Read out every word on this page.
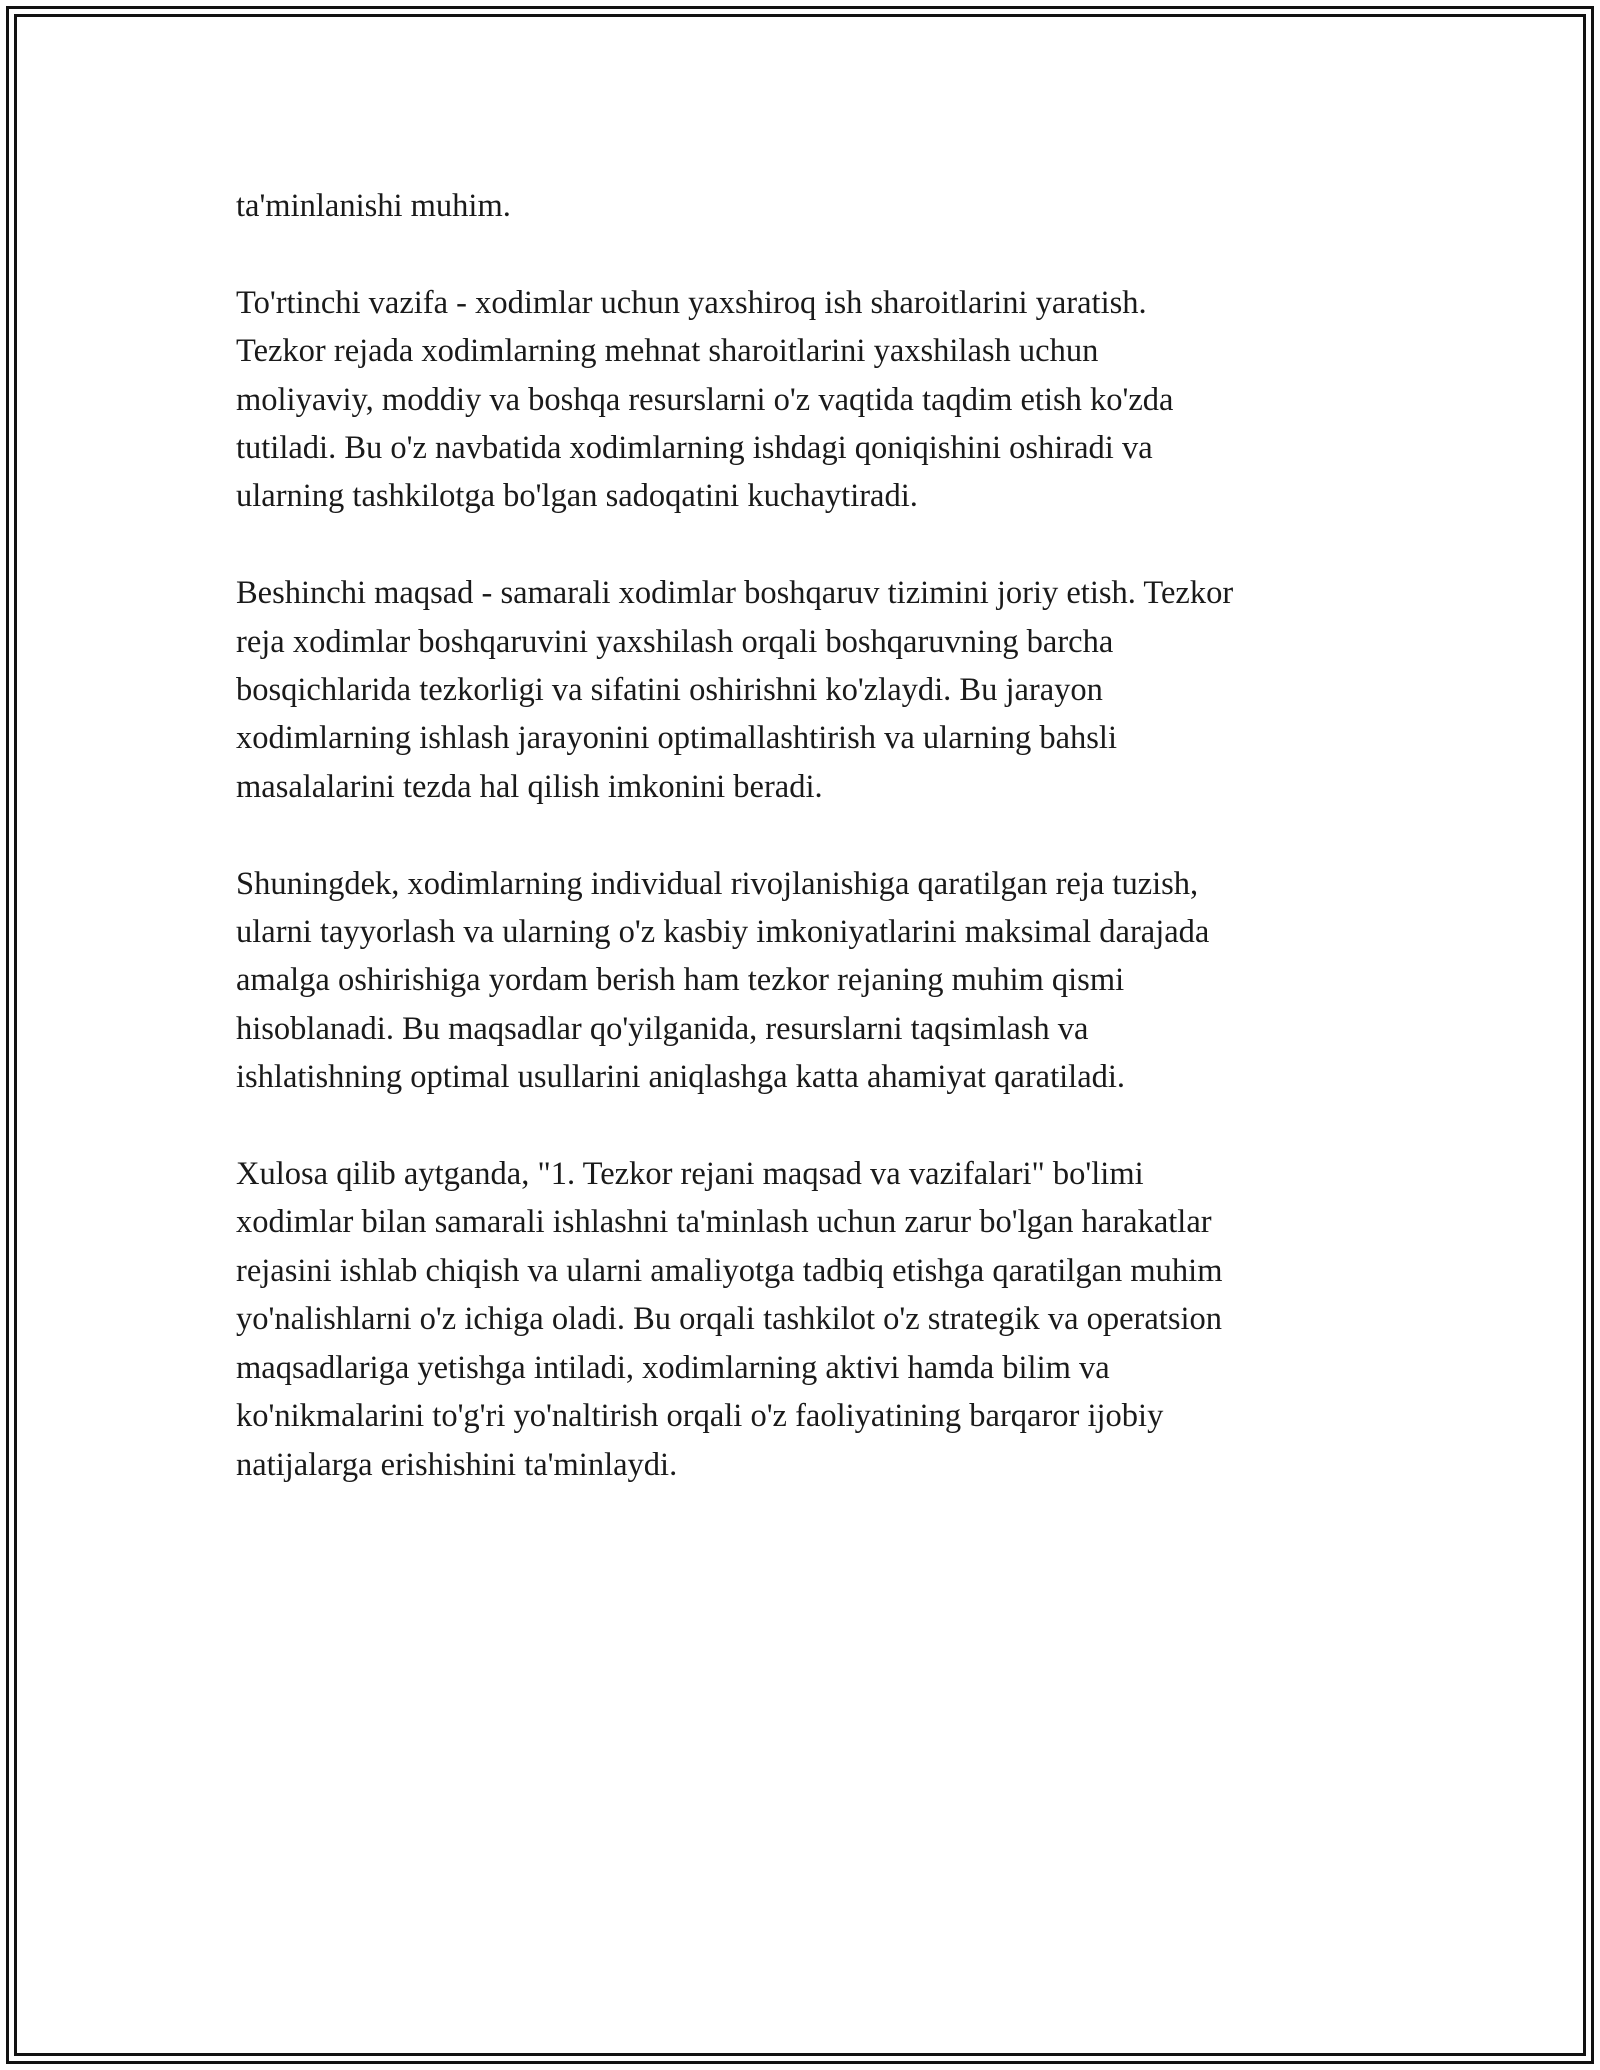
ta'minlanishi muhim.

To'rtinchi vazifa - xodimlar uchun yaxshiroq ish sharoitlarini yaratish.
Tezkor rejada xodimlarning mehnat sharoitlarini yaxshilash uchun
moliyaviy, moddiy va boshqa resurslarni o'z vaqtida taqdim etish ko'zda
tutiladi. Bu o'z navbatida xodimlarning ishdagi qoniqishini oshiradi va
ularning tashkilotga bo'lgan sadoqatini kuchaytiradi.

Beshinchi maqsad - samarali xodimlar boshqaruv tizimini joriy etish. Tezkor
reja xodimlar boshqaruvini yaxshilash orqali boshqaruvning barcha
bosqichlarida tezkorligi va sifatini oshirishni ko'zlaydi. Bu jarayon
xodimlarning ishlash jarayonini optimallashtirish va ularning bahsli
masalalarini tezda hal qilish imkonini beradi.

Shuningdek, xodimlarning individual rivojlanishiga qaratilgan reja tuzish,
ularni tayyorlash va ularning o'z kasbiy imkoniyatlarini maksimal darajada
amalga oshirishiga yordam berish ham tezkor rejaning muhim qismi
hisoblanadi. Bu maqsadlar qo'yilganida, resurslarni taqsimlash va
ishlatishning optimal usullarini aniqlashga katta ahamiyat qaratiladi.

Xulosa qilib aytganda, "1. Tezkor rejani maqsad va vazifalari" bo'limi
xodimlar bilan samarali ishlashni ta'minlash uchun zarur bo'lgan harakatlar
rejasini ishlab chiqish va ularni amaliyotga tadbiq etishga qaratilgan muhim
yo'nalishlarni o'z ichiga oladi. Bu orqali tashkilot o'z strategik va operatsion
maqsadlariga yetishga intiladi, xodimlarning aktivi hamda bilim va
ko'nikmalarini to'g'ri yo'naltirish orqali o'z faoliyatining barqaror ijobiy
natijalarga erishishini ta'minlaydi.
